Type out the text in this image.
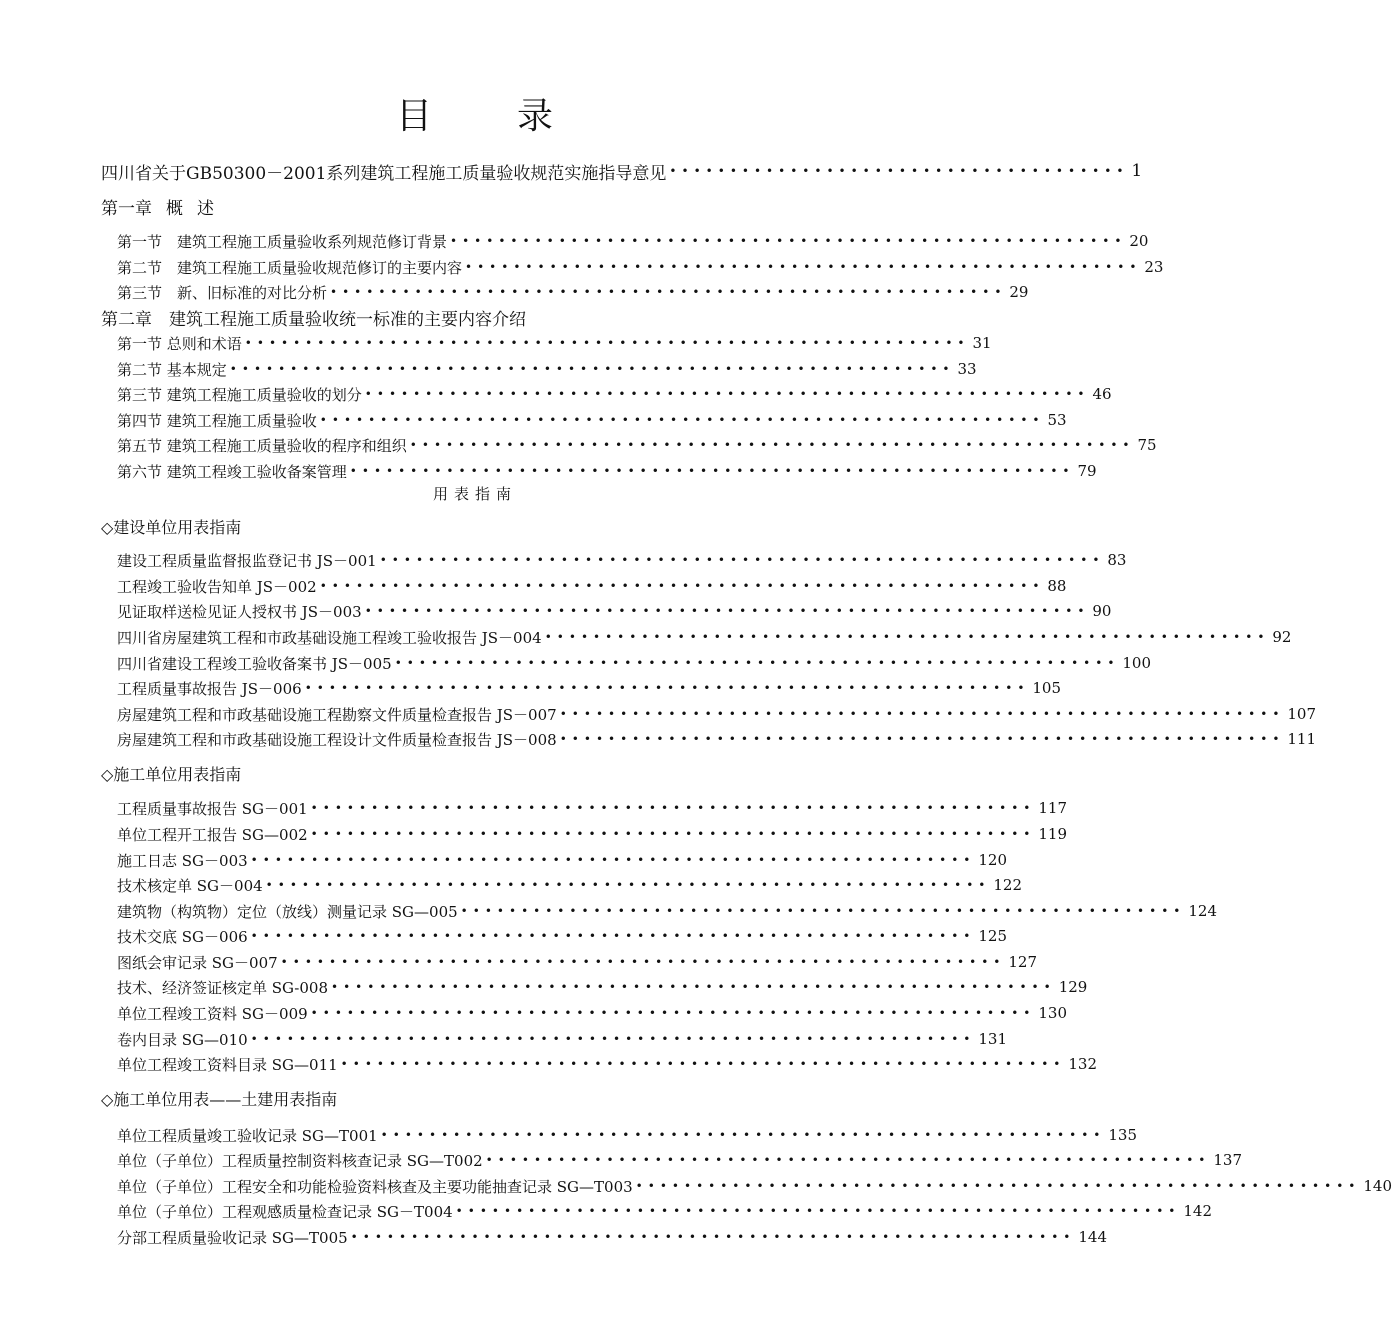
目 录
四川省关于GB50300－2001系列建筑工程施工质量验收规范实施指导意见 •••••••••••••••••••••••••••••••••••••• 1
第一章 概 述
第一节　建筑工程施工质量验收系列规范修订背景 •••••••••••••••••••••••••••••••••••••••••••••••••••••••• 20
第二节　建筑工程施工质量验收规范修订的主要内容 •••••••••••••••••••••••••••••••••••••••••••••••••••••••• 23
第三节　新、旧标准的对比分析 •••••••••••••••••••••••••••••••••••••••••••••••••••••••• 29
第二章　建筑工程施工质量验收统一标准的主要内容介绍
第一节 总则和术语 •••••••••••••••••••••••••••••••••••••••••••••••••••••••••••• 31
第二节 基本规定 •••••••••••••••••••••••••••••••••••••••••••••••••••••••••••• 33
第三节 建筑工程施工质量验收的划分 •••••••••••••••••••••••••••••••••••••••••••••••••••••••••••• 46
第四节 建筑工程施工质量验收 •••••••••••••••••••••••••••••••••••••••••••••••••••••••••••• 53
第五节 建筑工程施工质量验收的程序和组织 •••••••••••••••••••••••••••••••••••••••••••••••••••••••••••• 75
第六节 建筑工程竣工验收备案管理 •••••••••••••••••••••••••••••••••••••••••••••••••••••••••••• 79
用表指南
◇建设单位用表指南
建设工程质量监督报监登记书 JS－001 •••••••••••••••••••••••••••••••••••••••••••••••••••••••••••• 83
工程竣工验收告知单 JS－002 •••••••••••••••••••••••••••••••••••••••••••••••••••••••••••• 88
见证取样送检见证人授权书 JS－003 •••••••••••••••••••••••••••••••••••••••••••••••••••••••••••• 90
四川省房屋建筑工程和市政基础设施工程竣工验收报告 JS－004 •••••••••••••••••••••••••••••••••••••••••••••••••••••••••••• 92
四川省建设工程竣工验收备案书 JS－005 •••••••••••••••••••••••••••••••••••••••••••••••••••••••••••• 100
工程质量事故报告 JS－006 •••••••••••••••••••••••••••••••••••••••••••••••••••••••••••• 105
房屋建筑工程和市政基础设施工程勘察文件质量检查报告 JS－007 •••••••••••••••••••••••••••••••••••••••••••••••••••••••••••• 107
房屋建筑工程和市政基础设施工程设计文件质量检查报告 JS－008 •••••••••••••••••••••••••••••••••••••••••••••••••••••••••••• 111
◇施工单位用表指南
工程质量事故报告 SG－001 •••••••••••••••••••••••••••••••••••••••••••••••••••••••••••• 117
单位工程开工报告 SG—002 •••••••••••••••••••••••••••••••••••••••••••••••••••••••••••• 119
施工日志 SG－003 •••••••••••••••••••••••••••••••••••••••••••••••••••••••••••• 120
技术核定单 SG－004 •••••••••••••••••••••••••••••••••••••••••••••••••••••••••••• 122
建筑物（构筑物）定位（放线）测量记录 SG—005 •••••••••••••••••••••••••••••••••••••••••••••••••••••••••••• 124
技术交底 SG－006 •••••••••••••••••••••••••••••••••••••••••••••••••••••••••••• 125
图纸会审记录 SG－007 •••••••••••••••••••••••••••••••••••••••••••••••••••••••••••• 127
技术、经济签证核定单 SG-008 •••••••••••••••••••••••••••••••••••••••••••••••••••••••••••• 129
单位工程竣工资料 SG－009 •••••••••••••••••••••••••••••••••••••••••••••••••••••••••••• 130
卷内目录 SG—010 •••••••••••••••••••••••••••••••••••••••••••••••••••••••••••• 131
单位工程竣工资料目录 SG—011 •••••••••••••••••••••••••••••••••••••••••••••••••••••••••••• 132
◇施工单位用表——土建用表指南
单位工程质量竣工验收记录 SG—T001 •••••••••••••••••••••••••••••••••••••••••••••••••••••••••••• 135
单位（子单位）工程质量控制资料核查记录 SG—T002 •••••••••••••••••••••••••••••••••••••••••••••••••••••••••••• 137
单位（子单位）工程安全和功能检验资料核查及主要功能抽查记录 SG—T003 •••••••••••••••••••••••••••••••••••••••••••••••••••••••••••• 140
单位（子单位）工程观感质量检查记录 SG－T004 •••••••••••••••••••••••••••••••••••••••••••••••••••••••••••• 142
分部工程质量验收记录 SG—T005 •••••••••••••••••••••••••••••••••••••••••••••••••••••••••••• 144
